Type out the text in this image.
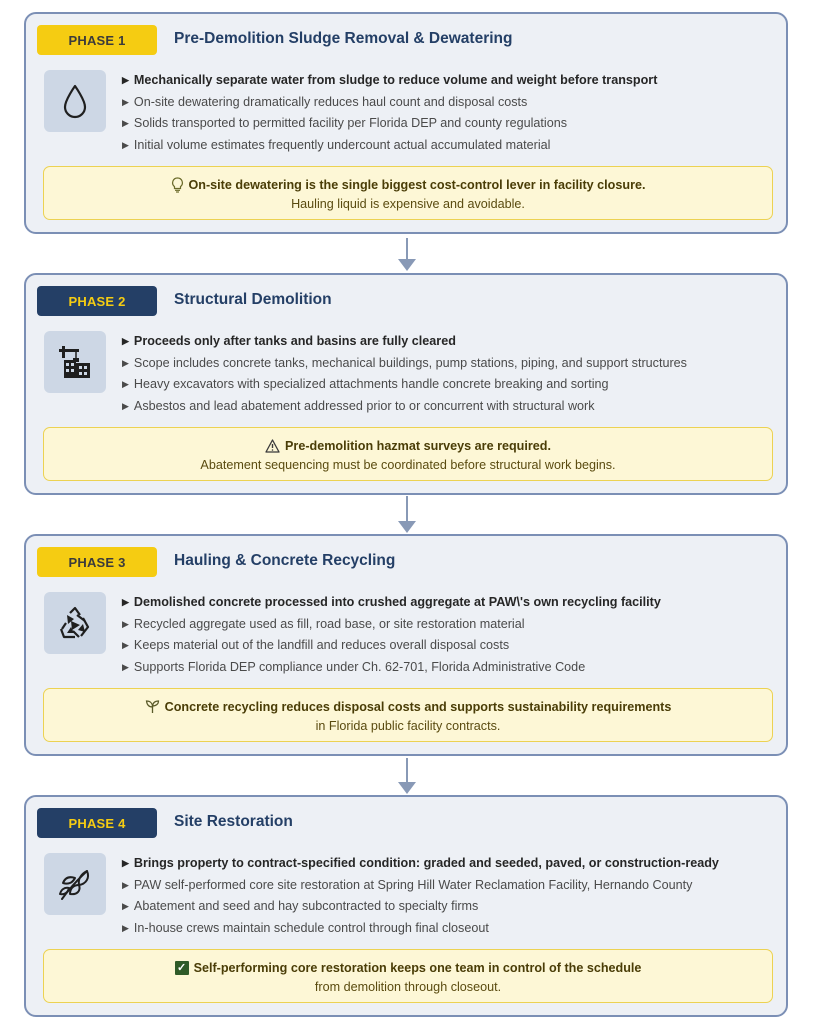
PHASE 1	Pre-Demolition Sludge Removal & Dewatering
▶ Mechanically separate water from sludge to reduce volume and weight before transport
▶ On-site dewatering dramatically reduces haul count and disposal costs
▶ Solids transported to permitted facility per Florida DEP and county regulations
▶ Initial volume estimates frequently undercount actual accumulated material
On-site dewatering is the single biggest cost-control lever in facility closure.
Hauling liquid is expensive and avoidable.
PHASE 2	Structural Demolition
▶ Proceeds only after tanks and basins are fully cleared
▶ Scope includes concrete tanks, mechanical buildings, pump stations, piping, and support structures
▶ Heavy excavators with specialized attachments handle concrete breaking and sorting
▶ Asbestos and lead abatement addressed prior to or concurrent with structural work
Pre-demolition hazmat surveys are required.
Abatement sequencing must be coordinated before structural work begins.
PHASE 3	Hauling & Concrete Recycling
▶ Demolished concrete processed into crushed aggregate at PAW\'s own recycling facility
▶ Recycled aggregate used as fill, road base, or site restoration material
▶ Keeps material out of the landfill and reduces overall disposal costs
▶ Supports Florida DEP compliance under Ch. 62-701, Florida Administrative Code
Concrete recycling reduces disposal costs and supports sustainability requirements
in Florida public facility contracts.
PHASE 4	Site Restoration
▶ Brings property to contract-specified condition: graded and seeded, paved, or construction-ready
▶ PAW self-performed core site restoration at Spring Hill Water Reclamation Facility, Hernando County
▶ Abatement and seed and hay subcontracted to specialty firms
▶ In-house crews maintain schedule control through final closeout
✓ Self-performing core restoration keeps one team in control of the schedule
from demolition through closeout.
